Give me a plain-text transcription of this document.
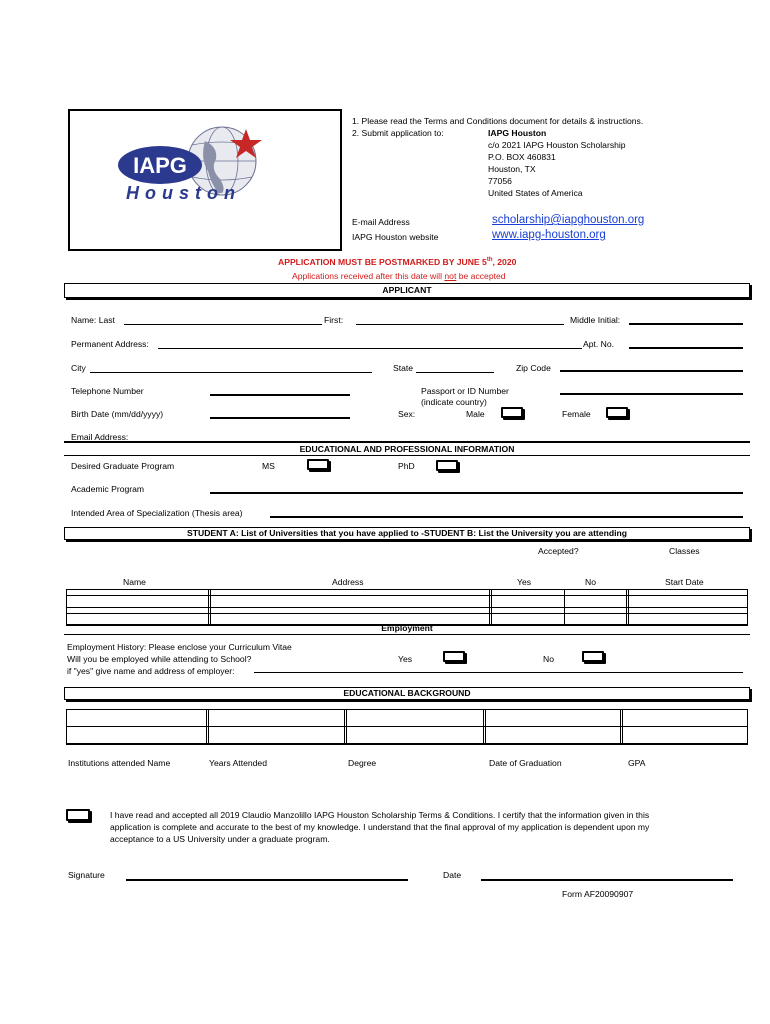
IAPG
Houston
1. Please read the Terms and Conditions document for details & instructions.
2. Submit application to:	IAPG Houston
c/o 2021 IAPG Houston Scholarship
P.O. BOX 460831
Houston, TX
77056
United States of America
E-mail Address	scholarship@iapghouston.org
IAPG Houston website	www.iapg-houston.org
APPLICATION MUST BE POSTMARKED BY JUNE 5th, 2020
Applications received after this date will not be accepted
APPLICANT
Name: Last	First:	Middle Initial:
Permanent Address:	Apt. No.
City	State	Zip Code
Telephone Number	Passport or ID Number
(indicate country)
Birth Date (mm/dd/yyyy)	Sex:	Male	Female
Email Address:
EDUCATIONAL AND PROFESSIONAL INFORMATION
Desired Graduate Program	MS	PhD
Academic Program
Intended Area of Specialization (Thesis area)
STUDENT A: List of Universities that you have applied to -STUDENT B: List the University you are attending
Accepted?	Classes
Name	Address	Yes	No	Start Date
Employment
Employment History: Please enclose your Curriculum Vitae
Will you be employed while attending to School?
if "yes" give name and address of employer:
Yes	No
EDUCATIONAL BACKGROUND
Institutions attended Name	Years Attended	Degree	Date of Graduation	GPA
I have read and accepted all 2019 Claudio Manzolillo IAPG Houston Scholarship Terms & Conditions. I certify that the information given in this
application is complete and accurate to the best of my knowledge. I understand that the final approval of my application is dependent upon my
acceptance to a US University under a graduate program.
Signature	Date
Form AF20090907
